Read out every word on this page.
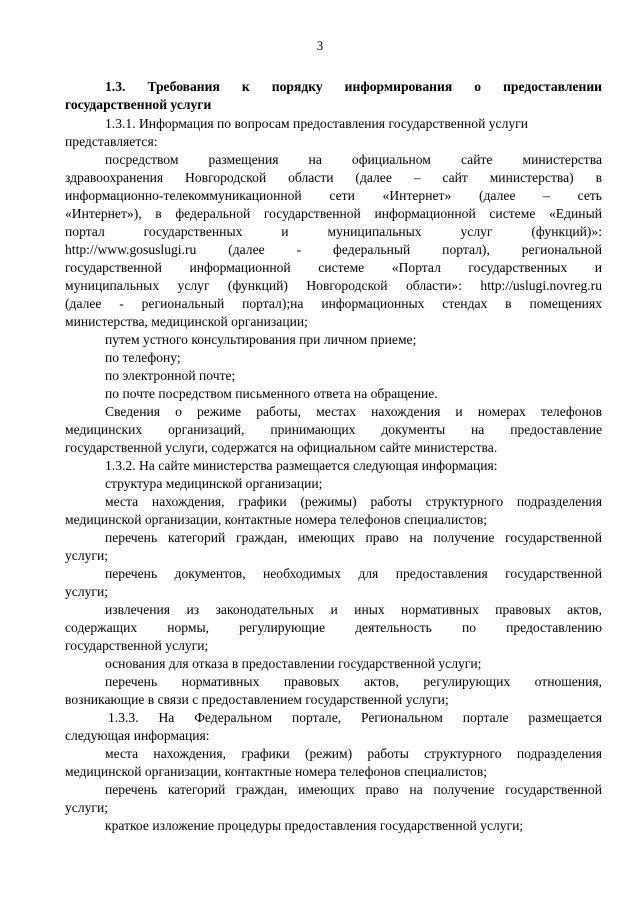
3
1.3. Требования к порядку информирования о предоставлении
государственной услуги
1.3.1. Информация по вопросам предоставления государственной услуги
представляется:
посредством размещения на официальном сайте министерства
здравоохранения Новгородской области (далее – сайт министерства) в
информационно-телекоммуникационной сети «Интернет» (далее – сеть
«Интернет»), в федеральной государственной информационной системе «Единый
портал государственных и муниципальных услуг (функций)»:
http://www.gosuslugi.ru (далее - федеральный портал), региональной
государственной информационной системе «Портал государственных и
муниципальных услуг (функций) Новгородской области»: http://uslugi.novreg.ru
(далее - региональный портал);на информационных стендах в помещениях
министерства, медицинской организации;
путем устного консультирования при личном приеме;
по телефону;
по электронной почте;
по почте посредством письменного ответа на обращение.
Сведения о режиме работы, местах нахождения и номерах телефонов
медицинских организаций, принимающих документы на предоставление
государственной услуги, содержатся на официальном сайте министерства.
1.3.2. На сайте министерства размещается следующая информация:
структура медицинской организации;
места нахождения, графики (режимы) работы структурного подразделения
медицинской организации, контактные номера телефонов специалистов;
перечень категорий граждан, имеющих право на получение государственной
услуги;
перечень документов, необходимых для предоставления государственной
услуги;
извлечения из законодательных и иных нормативных правовых актов,
содержащих нормы, регулирующие деятельность по предоставлению
государственной услуги;
основания для отказа в предоставлении государственной услуги;
перечень нормативных правовых актов, регулирующих отношения,
возникающие в связи с предоставлением государственной услуги;
1.3.3. На Федеральном портале, Региональном портале размещается
следующая информация:
места нахождения, графики (режим) работы структурного подразделения
медицинской организации, контактные номера телефонов специалистов;
перечень категорий граждан, имеющих право на получение государственной
услуги;
краткое изложение процедуры предоставления государственной услуги;
